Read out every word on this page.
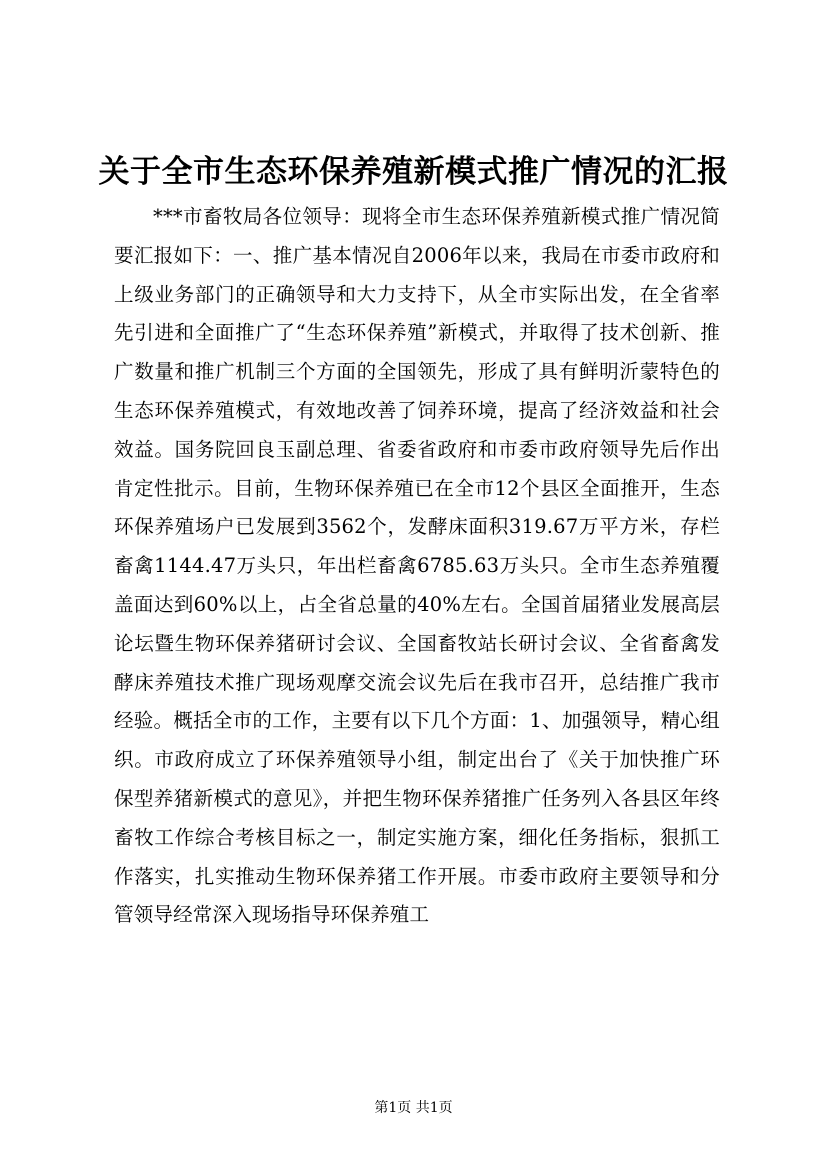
关于全市生态环保养殖新模式推广情况的汇报

***市畜牧局各位领导：现将全市生态环保养殖新模式推广情况简要汇报如下：一、推广基本情况自2006年以来，我局在市委市政府和上级业务部门的正确领导和大力支持下，从全市实际出发，在全省率先引进和全面推广了“生态环保养殖”新模式，并取得了技术创新、推广数量和推广机制三个方面的全国领先，形成了具有鲜明沂蒙特色的生态环保养殖模式，有效地改善了饲养环境，提高了经济效益和社会效益。国务院回良玉副总理、省委省政府和市委市政府领导先后作出肯定性批示。目前，生物环保养殖已在全市12个县区全面推开，生态环保养殖场户已发展到3562个，发酵床面积319.67万平方米，存栏畜禽1144.47万头只，年出栏畜禽6785.63万头只。全市生态养殖覆盖面达到60%以上，占全省总量的40%左右。全国首届猪业发展高层论坛暨生物环保养猪研讨会议、全国畜牧站长研讨会议、全省畜禽发酵床养殖技术推广现场观摩交流会议先后在我市召开，总结推广我市经验。概括全市的工作，主要有以下几个方面：1、加强领导，精心组织。市政府成立了环保养殖领导小组，制定出台了《关于加快推广环保型养猪新模式的意见》，并把生物环保养猪推广任务列入各县区年终畜牧工作综合考核目标之一，制定实施方案，细化任务指标，狠抓工作落实，扎实推动生物环保养猪工作开展。市委市政府主要领导和分管领导经常深入现场指导环保养殖工

第1页 共1页
